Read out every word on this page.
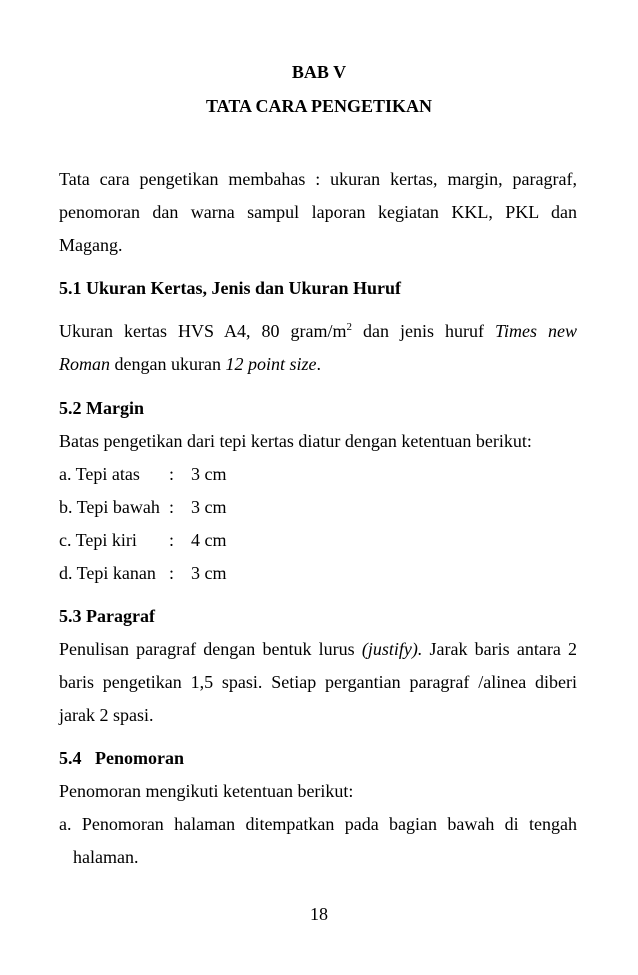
BAB V
TATA CARA PENGETIKAN
Tata cara pengetikan membahas : ukuran kertas, margin, paragraf,
penomoran dan warna sampul laporan kegiatan KKL, PKL dan
Magang.
5.1 Ukuran Kertas, Jenis dan Ukuran Huruf
Ukuran kertas HVS A4, 80 gram/$m^2$ dan jenis huruf Times new
Roman dengan ukuran 12 point size.
5.2 Margin
Batas pengetikan dari tepi kertas diatur dengan ketentuan berikut:
a. Tepi atas : 3 cm
b. Tepi bawah : 3 cm
c. Tepi kiri : 4 cm
d. Tepi kanan : 3 cm
5.3 Paragraf
Penulisan paragraf dengan bentuk lurus (justify). Jarak baris antara 2
baris pengetikan 1,5 spasi. Setiap pergantian paragraf /alinea diberi
jarak 2 spasi.
5.4   Penomoran
Penomoran mengikuti ketentuan berikut:
a. Penomoran halaman ditempatkan pada bagian bawah di tengah
halaman.
18
